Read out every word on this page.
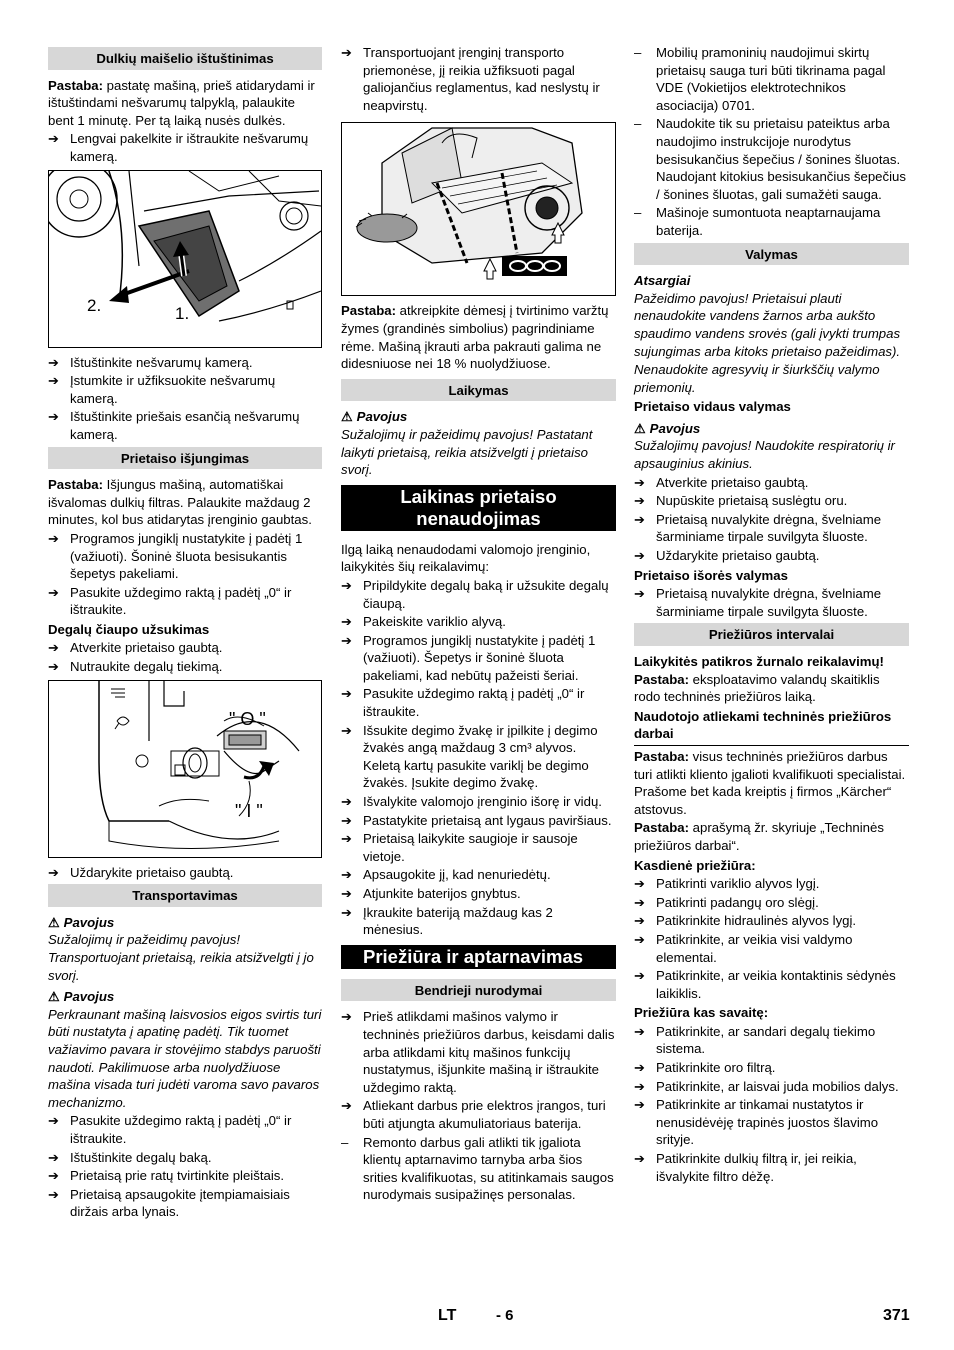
Dulkių maišelio ištuštinimas

Pastaba: pastatę mašiną, prieš atidarydami ir ištuštindami nešvarumų talpyklą, palaukite bent 1 minutę. Per tą laiką nusės dulkės.

➔ Lengvai pakelkite ir ištraukite nešvarumų kamerą.
2.	1.
➔ Ištuštinkite nešvarumų kamerą.
➔ Įstumkite ir užfiksuokite nešvarumų kamerą.
➔ Ištuštinkite priešais esančią nešvarumų kamerą.
Prietaiso išjungimas

Pastaba: Išjungus mašiną, automatiškai išvalomas dulkių filtras. Palaukite maždaug 2 minutes, kol bus atidarytas įrenginio gaubtas.

➔ Programos jungiklį nustatykite į padėtį 1 (važiuoti). Šoninė šluota besisukantis šepetys pakeliami.
➔ Pasukite uždegimo raktą į padėtį „0“ ir ištraukite.
Degalų čiaupo užsukimas
➔ Atverkite prietaiso gaubtą.
➔ Nutraukite degalų tiekimą.
" O "
" I "
➔ Uždarykite prietaiso gaubtą.
Transportavimas
⚠ Pavojus

Sužalojimų ir pažeidimų pavojus! Transportuojant prietaisą, reikia atsižvelgti į jo svorį.

⚠ Pavojus

Perkraunant mašiną laisvosios eigos svirtis turi būti nustatyta į apatinę padėtį. Tik tuomet važiavimo pavara ir stovėjimo stabdys paruošti naudoti. Pakilimuose arba nuolydžiuose mašina visada turi judėti varoma savo pavaros mechanizmo.

➔ Pasukite uždegimo raktą į padėtį „0“ ir ištraukite.
➔ Ištuštinkite degalų baką.
➔ Prietaisą prie ratų tvirtinkite pleištais.
➔ Prietaisą apsaugokite įtempiamaisiais diržais arba lynais.
➔ Transportuojant įrenginį transporto priemonėse, jį reikia užfiksuoti pagal galiojančius reglamentus, kad neslystų ir neapvirstų.

Pastaba: atkreipkite dėmesį į tvirtinimo varžtų žymes (grandinės simbolius) pagrindiniame rėme. Mašiną įkrauti arba pakrauti galima ne didesniuose nei 18 % nuolydžiuose.

Laikymas
⚠ Pavojus

Sužalojimų ir pažeidimų pavojus! Pastatant laikyti prietaisą, reikia atsižvelgti į prietaiso svorį.

Laikinas prietaiso
nenaudojimas

Ilgą laiką nenaudodami valomojo įrenginio, laikykitės šių reikalavimų:

➔ Pripildykite degalų baką ir užsukite degalų čiaupą.
➔ Pakeiskite variklio alyvą.
➔ Programos jungiklį nustatykite į padėtį 1 (važiuoti). Šepetys ir šoninė šluota pakeliami, kad nebūtų pažeisti šeriai.
➔ Pasukite uždegimo raktą į padėtį „0“ ir ištraukite.
➔ Išsukite degimo žvakę ir įpilkite į degimo žvakės angą maždaug 3 cm³ alyvos. Keletą kartų pasukite variklį be degimo žvakės. Įsukite degimo žvakę.
➔ Išvalykite valomojo įrenginio išorę ir vidų.
➔ Pastatykite prietaisą ant lygaus paviršiaus.
➔ Prietaisą laikykite saugioje ir sausoje vietoje.
➔ Apsaugokite jį, kad nenuriedėtų.
➔ Atjunkite baterijos gnybtus.
➔ Įkraukite bateriją maždaug kas 2 mėnesius.
Priežiūra ir aptarnavimas
Bendrieji nurodymai
➔ Prieš atlikdami mašinos valymo ir techninės priežiūros darbus, keisdami dalis arba atlikdami kitų mašinos funkcijų nustatymus, išjunkite mašiną ir ištraukite uždegimo raktą.
➔ Atliekant darbus prie elektros įrangos, turi būti atjungta akumuliatoriaus baterija.
– Remonto darbus gali atlikti tik įgaliota klientų aptarnavimo tarnyba arba šios srities kvalifikuotas, su atitinkamais saugos nurodymais susipažinęs personalas.
– Mobilių pramoninių naudojimui skirtų prietaisų sauga turi būti tikrinama pagal VDE (Vokietijos elektrotechnikos asociacija) 0701.
– Naudokite tik su prietaisu pateiktus arba naudojimo instrukcijoje nurodytus besisukančius šepečius / šonines šluotas. Naudojant kitokius besisukančius šepečius / šonines šluotas, gali sumažėti sauga.
– Mašinoje sumontuota neaptarnaujama baterija.
Valymas
Atsargiai

Pažeidimo pavojus! Prietaisui plauti nenaudokite vandens žarnos arba aukšto spaudimo vandens srovės (gali įvykti trumpas sujungimas arba kitoks prietaiso pažeidimas).

Nenaudokite agresyvių ir šiurkščių valymo priemonių.

Prietaiso vidaus valymas
⚠ Pavojus

Sužalojimų pavojus! Naudokite respiratorių ir apsauginius akinius.

➔ Atverkite prietaiso gaubtą.
➔ Nupūskite prietaisą suslėgtu oru.
➔ Prietaisą nuvalykite drėgna, švelniame šarminiame tirpale suvilgyta šluoste.
➔ Uždarykite prietaiso gaubtą.
Prietaiso išorės valymas
➔ Prietaisą nuvalykite drėgna, švelniame šarminiame tirpale suvilgyta šluoste.
Priežiūros intervalai
Laikykitės patikros žurnalo reikalavimų!

Pastaba: eksploatavimo valandų skaitiklis rodo techninės priežiūros laiką.

Naudotojo atliekami techninės priežiūros darbai

Pastaba: visus techninės priežiūros darbus turi atlikti kliento įgalioti kvalifikuoti specialistai. Prašome bet kada kreiptis į firmos „Kärcher“ atstovus.

Pastaba: aprašymą žr. skyriuje „Techninės priežiūros darbai“.

Kasdienė priežiūra:
➔ Patikrinti variklio alyvos lygį.
➔ Patikrinti padangų oro slėgį.
➔ Patikrinkite hidraulinės alyvos lygį.
➔ Patikrinkite, ar veikia visi valdymo elementai.
➔ Patikrinkite, ar veikia kontaktinis sėdynės laikiklis.
Priežiūra kas savaitę:
➔ Patikrinkite, ar sandari degalų tiekimo sistema.
➔ Patikrinkite oro filtrą.
➔ Patikrinkite, ar laisvai juda mobilios dalys.
➔ Patikrinkite ar tinkamai nustatytos ir nenusidėvėję trapinės juostos šlavimo srityje.
➔ Patikrinkite dulkių filtrą ir, jei reikia, išvalykite filtro dėžę.
LT	- 6	371
